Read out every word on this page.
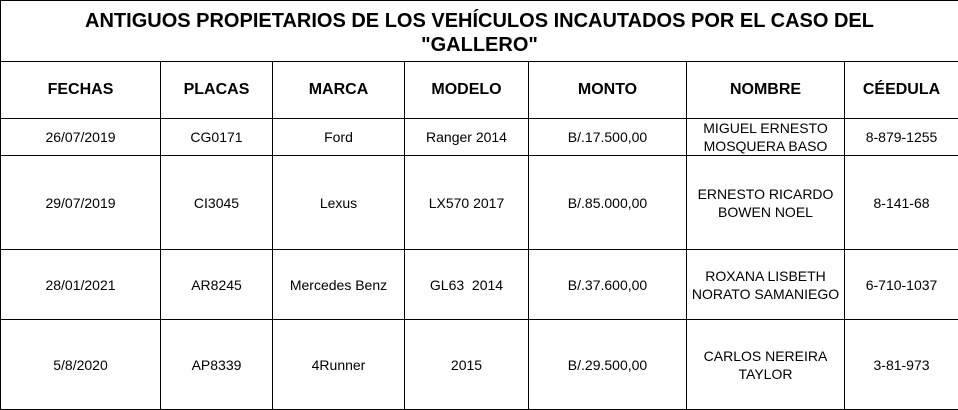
ANTIGUOS PROPIETARIOS DE LOS VEHÍCULOS INCAUTADOS POR EL CASO DEL "GALLERO"						
FECHAS	PLACAS	MARCA	MODELO	MONTO	NOMBRE	CÉEDULA
26/07/2019	CG0171	Ford	Ranger 2014	B/.17.500,00	MIGUEL ERNESTO MOSQUERA BASO	8-879-1255
29/07/2019	CI3045	Lexus	LX570 2017	B/.85.000,00	ERNESTO RICARDO BOWEN NOEL	8-141-68
28/01/2021	AR8245	Mercedes Benz	GL63  2014	B/.37.600,00	ROXANA LISBETH NORATO SAMANIEGO	6-710-1037
5/8/2020	AP8339	4Runner	2015	B/.29.500,00	CARLOS NEREIRA TAYLOR	3-81-973
